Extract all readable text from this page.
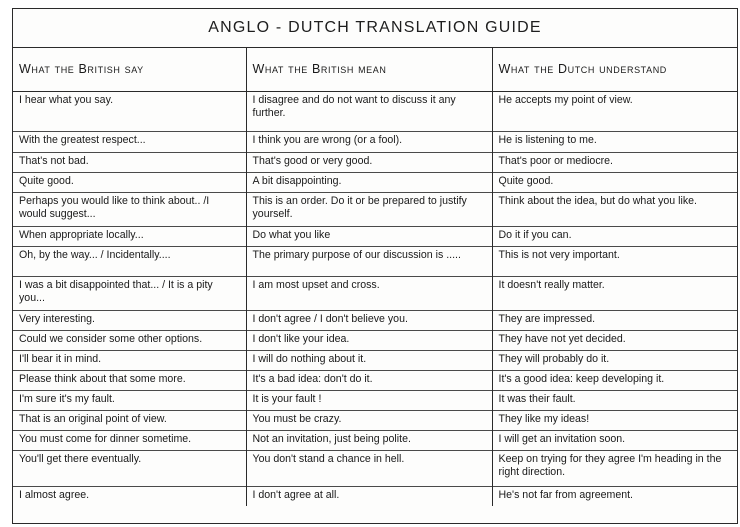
ANGLO - DUTCH TRANSLATION GUIDE
What the British say	What the British mean	What the Dutch understand
I hear what you say.	I disagree and do not want to discuss it any further.	He accepts my point of view.
With the greatest respect...	I think you are wrong (or a fool).	He is listening to me.
That's not bad.	That's good or very good.	That's poor or mediocre.
Quite good.	A bit disappointing.	Quite good.
Perhaps you would like to think about.. /I would suggest...	This is an order. Do it or be prepared to justify yourself.	Think about the idea, but do what you like.
When appropriate locally...	Do what you like	Do it if you can.
Oh, by the way... / Incidentally....	The primary purpose of our discussion is .....	This is not very important.
I was a bit disappointed that... / It is a pity you...	I am most upset and cross.	It doesn't really matter.
Very interesting.	I don't agree / I don't believe you.	They are impressed.
Could we consider some other options.	I don't like your idea.	They have not yet decided.
I'll bear it in mind.	I will do nothing about it.	They will probably do it.
Please think about that some more.	It's a bad idea: don't do it.	It's a good idea: keep developing it.
I'm sure it's my fault.	It is your fault !	It was their fault.
That is an original point of view.	You must be crazy.	They like my ideas!
You must come for dinner sometime.	Not an invitation, just being polite.	I will get an invitation soon.
You'll get there eventually.	You don't stand a chance in hell.	Keep on trying for they agree I'm heading in the right direction.
I almost agree.	I don't agree at all.	He's not far from agreement.
